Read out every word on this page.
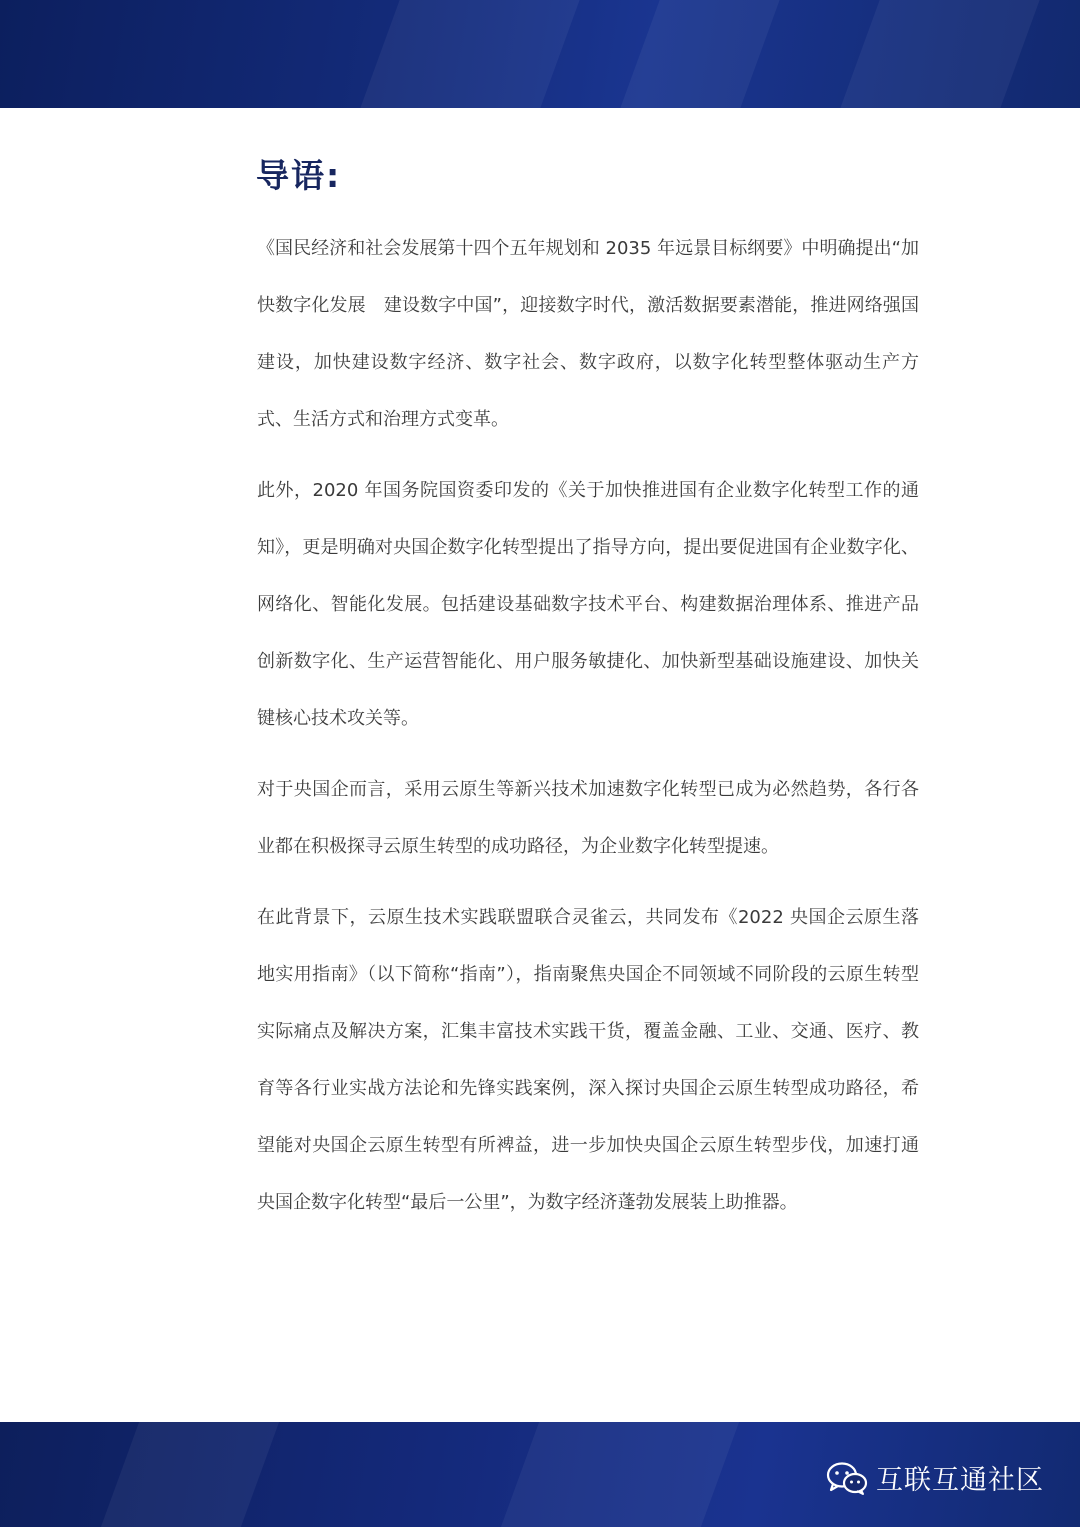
导语:

《国民经济和社会发展第十四个五年规划和 2035 年远景目标纲要》中明确提出“加快数字化发展　建设数字中国”，迎接数字时代，激活数据要素潜能，推进网络强国建设，加快建设数字经济、数字社会、数字政府，以数字化转型整体驱动生产方式、生活方式和治理方式变革。

此外，2020 年国务院国资委印发的《关于加快推进国有企业数字化转型工作的通知》，更是明确对央国企数字化转型提出了指导方向，提出要促进国有企业数字化、网络化、智能化发展。包括建设基础数字技术平台、构建数据治理体系、推进产品创新数字化、生产运营智能化、用户服务敏捷化、加快新型基础设施建设、加快关键核心技术攻关等。

对于央国企而言，采用云原生等新兴技术加速数字化转型已成为必然趋势，各行各业都在积极探寻云原生转型的成功路径，为企业数字化转型提速。

在此背景下，云原生技术实践联盟联合灵雀云，共同发布《2022 央国企云原生落地实用指南》（以下简称“指南”），指南聚焦央国企不同领域不同阶段的云原生转型实际痛点及解决方案，汇集丰富技术实践干货，覆盖金融、工业、交通、医疗、教育等各行业实战方法论和先锋实践案例，深入探讨央国企云原生转型成功路径，希望能对央国企云原生转型有所裨益，进一步加快央国企云原生转型步伐，加速打通央国企数字化转型“最后一公里”，为数字经济蓬勃发展装上助推器。

互联互通社区
